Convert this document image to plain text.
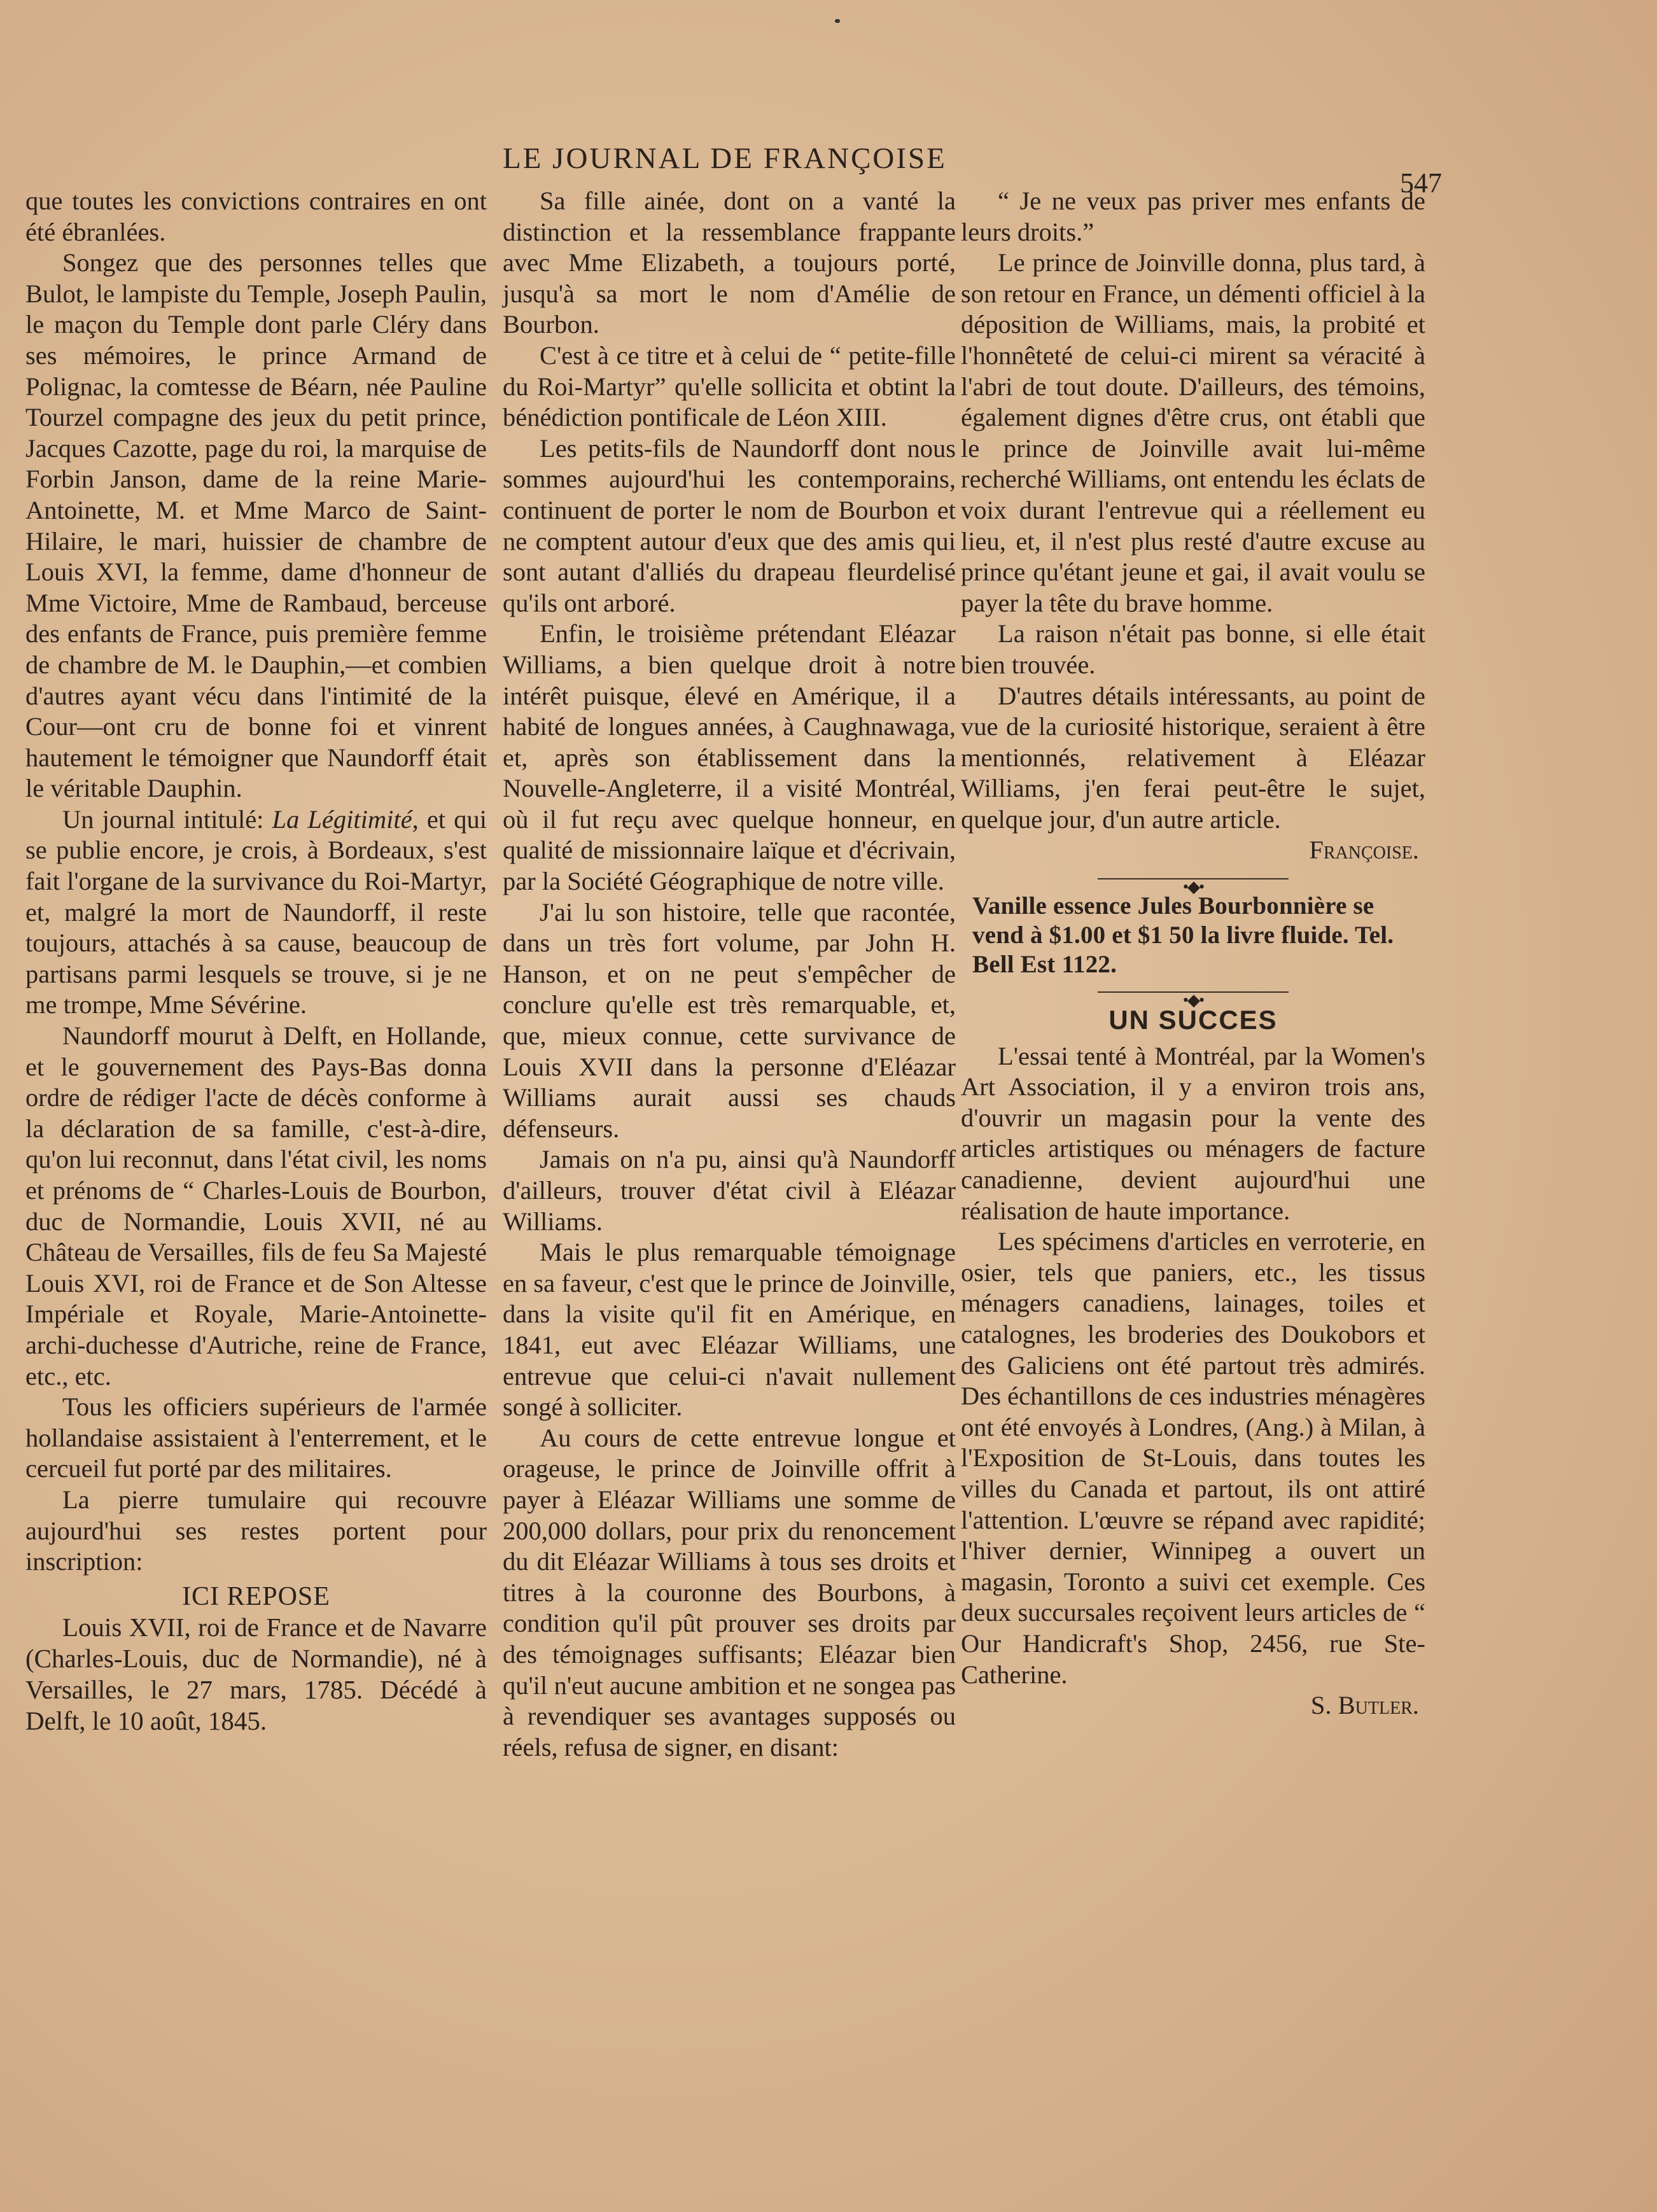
LE JOURNAL DE FRANÇOISE
547

que toutes les convictions contraires en ont été ébranlées.

Songez que des personnes telles que Bulot, le lampiste du Temple, Joseph Paulin, le maçon du Temple dont parle Cléry dans ses mémoires, le prince Armand de Polignac, la comtesse de Béarn, née Pauline Tourzel compagne des jeux du petit prince, Jacques Cazotte, page du roi, la marquise de Forbin Janson, dame de la reine Marie-Antoinette, M. et Mme Marco de Saint-Hilaire, le mari, huissier de chambre de Louis XVI, la femme, dame d'honneur de Mme Victoire, Mme de Rambaud, berceuse des enfants de France, puis première femme de chambre de M. le Dauphin,—et combien d'autres ayant vécu dans l'intimité de la Cour—ont cru de bonne foi et vinrent hautement le témoigner que Naundorff était le véritable Dauphin.

Un journal intitulé: La Légitimité, et qui se publie encore, je crois, à Bordeaux, s'est fait l'organe de la survivance du Roi-Martyr, et, malgré la mort de Naundorff, il reste toujours, attachés à sa cause, beaucoup de partisans parmi lesquels se trouve, si je ne me trompe, Mme Sévérine.

Naundorff mourut à Delft, en Hollande, et le gouvernement des Pays-Bas donna ordre de rédiger l'acte de décès conforme à la déclaration de sa famille, c'est-à-dire, qu'on lui reconnut, dans l'état civil, les noms et prénoms de “ Charles-Louis de Bourbon, duc de Normandie, Louis XVII, né au Château de Versailles, fils de feu Sa Majesté Louis XVI, roi de France et de Son Altesse Impériale et Royale, Marie-Antoinette-archi-duchesse d'Autriche, reine de France, etc., etc.

Tous les officiers supérieurs de l'armée hollandaise assistaient à l'enterrement, et le cercueil fut porté par des militaires.

La pierre tumulaire qui recouvre aujourd'hui ses restes portent pour inscription:

ICI REPOSE

Louis XVII, roi de France et de Navarre (Charles-Louis, duc de Normandie), né à Versailles, le 27 mars, 1785. Décédé à Delft, le 10 août, 1845.

Sa fille ainée, dont on a vanté la distinction et la ressemblance frappante avec Mme Elizabeth, a toujours porté, jusqu'à sa mort le nom d'Amélie de Bourbon.

C'est à ce titre et à celui de “ petite-fille du Roi-Martyr” qu'elle sollicita et obtint la bénédiction pontificale de Léon XIII.

Les petits-fils de Naundorff dont nous sommes aujourd'hui les contemporains, continuent de porter le nom de Bourbon et ne comptent autour d'eux que des amis qui sont autant d'alliés du drapeau fleurdelisé qu'ils ont arboré.

Enfin, le troisième prétendant Eléazar Williams, a bien quelque droit à notre intérêt puisque, élevé en Amérique, il a habité de longues années, à Caughnawaga, et, après son établissement dans la Nouvelle-Angleterre, il a visité Montréal, où il fut reçu avec quelque honneur, en qualité de missionnaire laïque et d'écrivain, par la Société Géographique de notre ville.

J'ai lu son histoire, telle que racontée, dans un très fort volume, par John H. Hanson, et on ne peut s'empêcher de conclure qu'elle est très remarquable, et, que, mieux connue, cette survivance de Louis XVII dans la personne d'Eléazar Williams aurait aussi ses chauds défenseurs.

Jamais on n'a pu, ainsi qu'à Naundorff d'ailleurs, trouver d'état civil à Eléazar Williams.

Mais le plus remarquable témoignage en sa faveur, c'est que le prince de Joinville, dans la visite qu'il fit en Amérique, en 1841, eut avec Eléazar Williams, une entrevue que celui-ci n'avait nullement songé à solliciter.

Au cours de cette entrevue longue et orageuse, le prince de Joinville offrit à payer à Eléazar Williams une somme de 200,000 dollars, pour prix du renoncement du dit Eléazar Williams à tous ses droits et titres à la couronne des Bourbons, à condition qu'il pût prouver ses droits par des témoignages suffisants; Eléazar bien qu'il n'eut aucune ambition et ne songea pas à revendiquer ses avantages supposés ou réels, refusa de signer, en disant:

“ Je ne veux pas priver mes enfants de leurs droits.”

Le prince de Joinville donna, plus tard, à son retour en France, un démenti officiel à la déposition de Williams, mais, la probité et l'honnêteté de celui-ci mirent sa véracité à l'abri de tout doute. D'ailleurs, des témoins, également dignes d'être crus, ont établi que le prince de Joinville avait lui-même recherché Williams, ont entendu les éclats de voix durant l'entrevue qui a réellement eu lieu, et, il n'est plus resté d'autre excuse au prince qu'étant jeune et gai, il avait voulu se payer la tête du brave homme.

La raison n'était pas bonne, si elle était bien trouvée.

D'autres détails intéressants, au point de vue de la curiosité historique, seraient à être mentionnés, relativement à Eléazar Williams, j'en ferai peut-être le sujet, quelque jour, d'un autre article.

Françoise.
•◆•
Vanille essence Jules Bourbonnière se vend à $1.00 et $1 50 la livre fluide. Tel. Bell Est 1122.
•◆•
UN SUCCES

L'essai tenté à Montréal, par la Women's Art Association, il y a environ trois ans, d'ouvrir un magasin pour la vente des articles artistiques ou ménagers de facture canadienne, devient aujourd'hui une réalisation de haute importance.

Les spécimens d'articles en verroterie, en osier, tels que paniers, etc., les tissus ménagers canadiens, lainages, toiles et catalognes, les broderies des Doukobors et des Galiciens ont été partout très admirés. Des échantillons de ces industries ménagères ont été envoyés à Londres, (Ang.) à Milan, à l'Exposition de St-Louis, dans toutes les villes du Canada et partout, ils ont attiré l'attention. L'œuvre se répand avec rapidité; l'hiver dernier, Winnipeg a ouvert un magasin, Toronto a suivi cet exemple. Ces deux succursales reçoivent leurs articles de “ Our Handicraft's Shop, 2456, rue Ste-Catherine.

S. Butler.
